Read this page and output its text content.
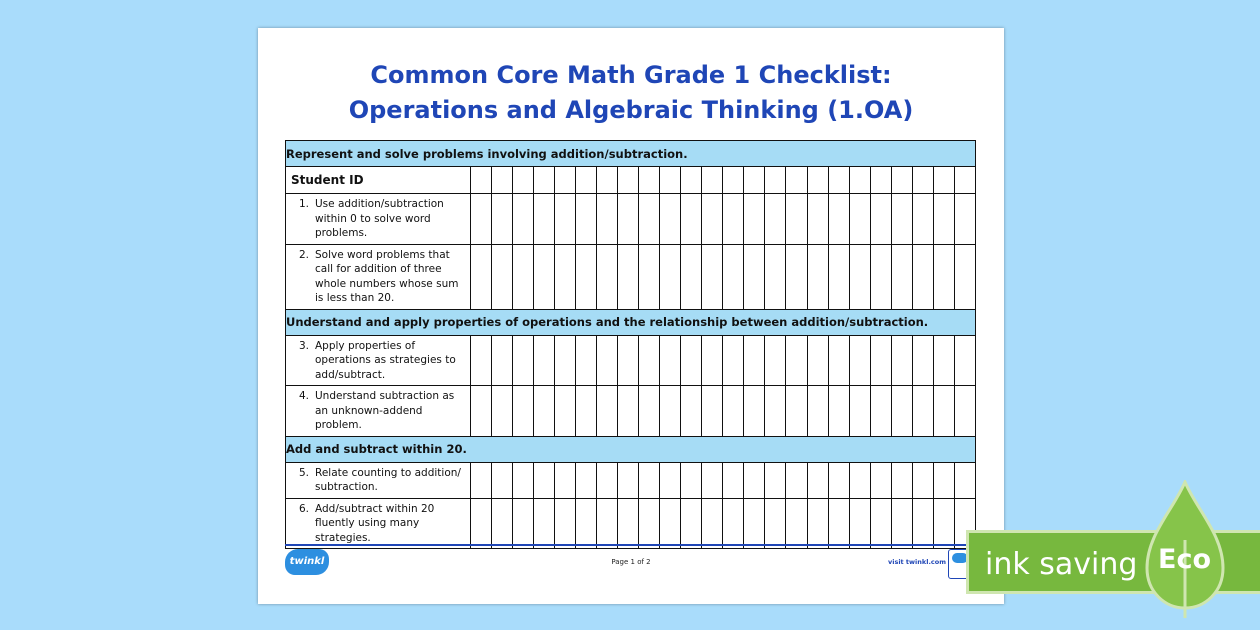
Common Core Math Grade 1 Checklist:
Operations and Algebraic Thinking (1.OA)
Represent and solve problems involving addition/subtraction.																								
Student ID																								

1. Use addition/subtraction within 0 to solve word problems.																								

2. Solve word problems that call for addition of three whole numbers whose sum is less than 20.																								

Understand and apply properties of operations and the relationship between addition/subtraction.																								

3. Apply properties of operations as strategies to add/subtract.																								

4. Understand subtraction as an unknown-addend problem.																								

Add and subtract within 20.																								

5. Relate counting to addition/ subtraction.																								

6. Add/subtract within 20 fluently using many strategies.																								

twinkl	Page 1 of 2	visit twinkl.com ink saving Eco
